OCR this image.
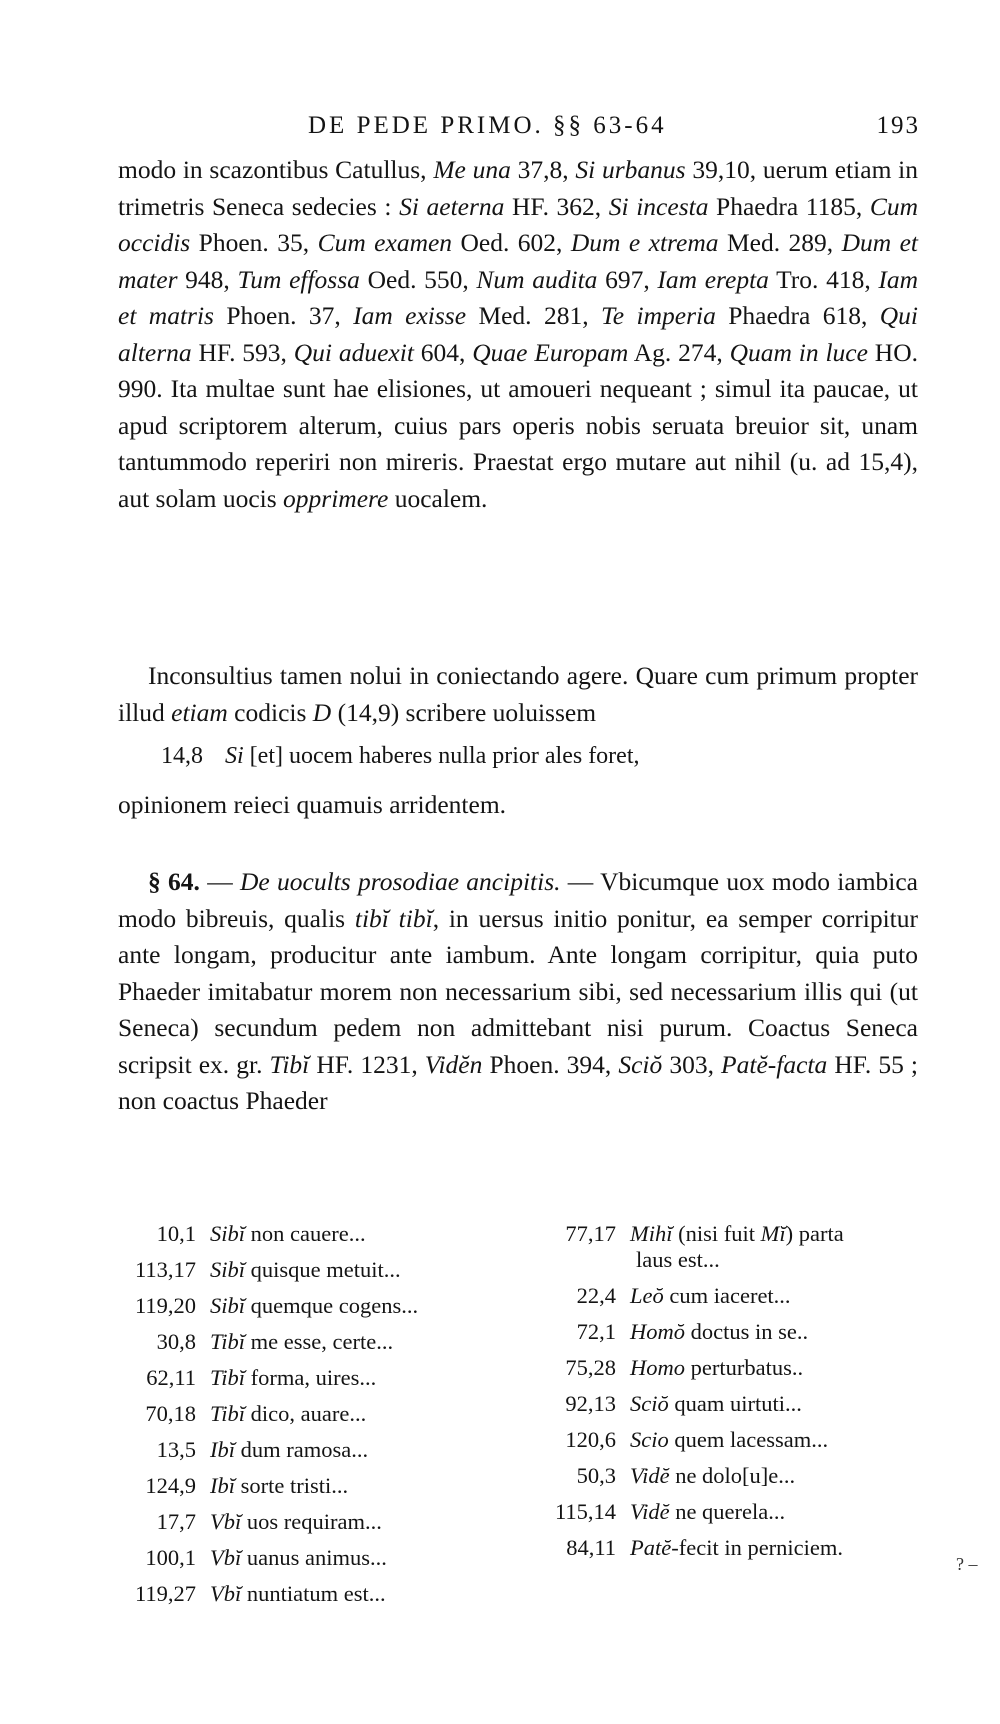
DE PEDE PRIMO. §§ 63-64	193

modo in scazontibus Catullus, Me una 37,8, Si urbanus 39,10, uerum etiam in trimetris Seneca sedecies : Si aeterna HF. 362, Si incesta Phaedra 1185, Cum occidis Phoen. 35, Cum examen Oed. 602, Dum e xtrema Med. 289, Dum et mater 948, Tum effossa Oed. 550, Num audita 697, Iam erepta Tro. 418, Iam et matris Phoen. 37, Iam exisse Med. 281, Te imperia Phaedra 618, Qui alterna HF. 593, Qui aduexit 604, Quae Europam Ag. 274, Quam in luce HO. 990. Ita multae sunt hae elisiones, ut amoueri nequeant ; simul ita paucae, ut apud scriptorem alterum, cuius pars operis nobis seruata breuior sit, unam tantummodo reperiri non mireris. Praestat ergo mutare aut nihil (u. ad 15,4), aut solam uocis opprimere uocalem.

Inconsultius tamen nolui in coniectando agere. Quare cum primum propter illud etiam codicis D (14,9) scribere uoluissem

14,8 Si [et] uocem haberes nulla prior ales foret,

opinionem reieci quamuis arridentem.

§ 64. — De uocults prosodiae ancipitis. — Vbicumque uox modo iambica modo bibreuis, qualis tibĭ tibĭ, in uersus initio ponitur, ea semper corripitur ante longam, producitur ante iambum. Ante longam corripitur, quia puto Phaeder imitabatur morem non necessarium sibi, sed necessarium illis qui (ut Seneca) secundum pedem non admittebant nisi purum. Coactus Seneca scripsit ex. gr. Tibĭ HF. 1231, Vidĕn Phoen. 394, Sciŏ 303, Patĕ-facta HF. 55 ; non coactus Phaeder

10,1 Sibĭ non cauere...
113,17 Sibĭ quisque metuit...
119,20 Sibĭ quemque cogens...
30,8 Tibĭ me esse, certe...
62,11 Tibĭ forma, uires...
70,18 Tibĭ dico, auare...
13,5 Ibĭ dum ramosa...
124,9 Ibĭ sorte tristi...
17,7 Vbĭ uos requiram...
100,1 Vbĭ uanus animus...
119,27 Vbĭ nuntiatum est...
77,17 Mihĭ (nisi fuit Mĭ) parta
laus est...
22,4 Leŏ cum iaceret...
72,1 Homŏ doctus in se..
75,28 Homo perturbatus..
92,13 Sciŏ quam uirtuti...
120,6 Scio quem lacessam...
50,3 Vidĕ ne dolo[u]e...
115,14 Vidĕ ne querela...
84,11 Patĕ-fecit in perniciem.
? –
